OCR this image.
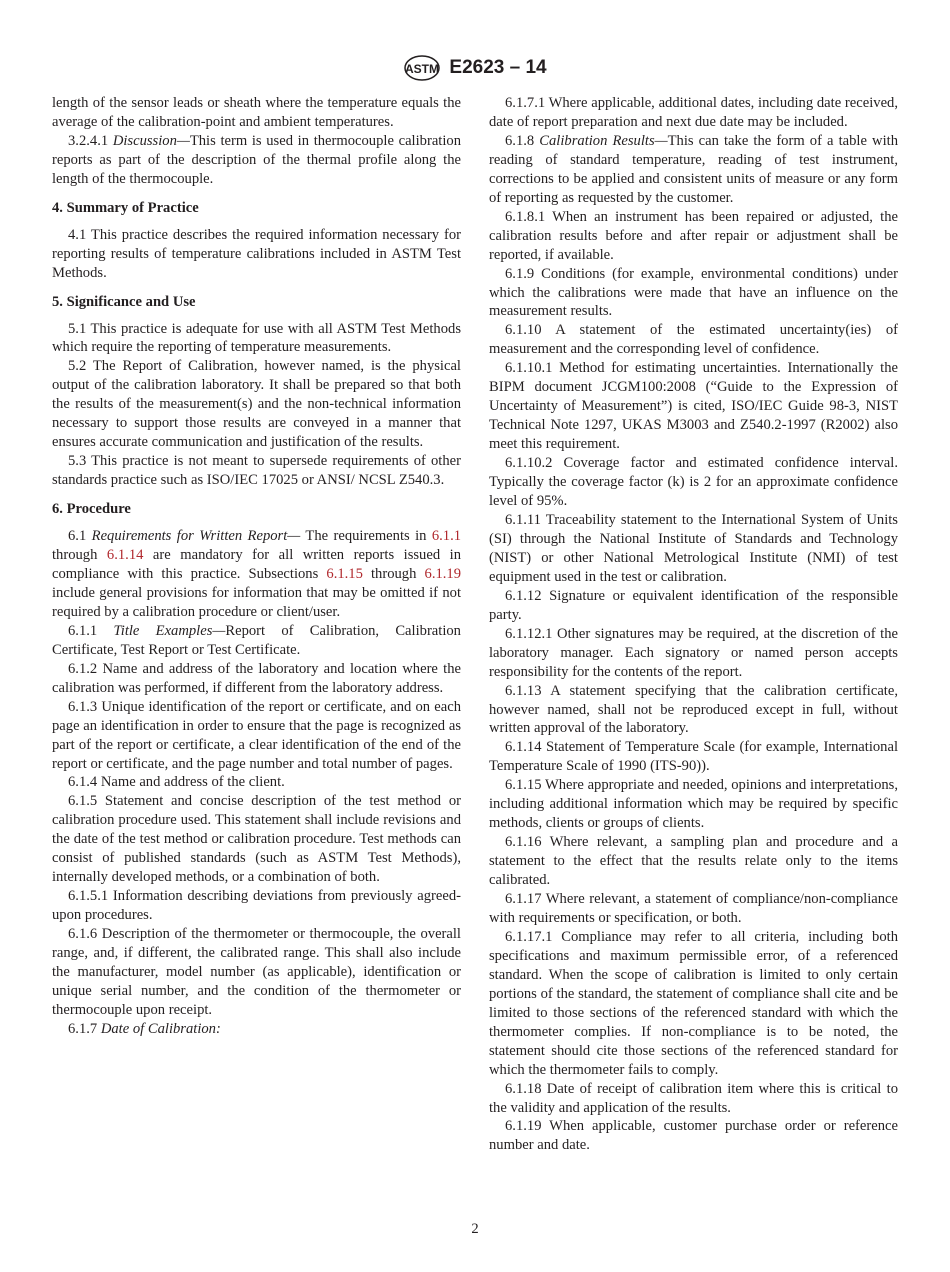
ASTM E2623 – 14

length of the sensor leads or sheath where the temperature equals the average of the calibration-point and ambient temperatures.

3.2.4.1 Discussion—This term is used in thermocouple calibration reports as part of the description of the thermal profile along the length of the thermocouple.

4. Summary of Practice

4.1 This practice describes the required information necessary for reporting results of temperature calibrations included in ASTM Test Methods.

5. Significance and Use

5.1 This practice is adequate for use with all ASTM Test Methods which require the reporting of temperature measurements.

5.2 The Report of Calibration, however named, is the physical output of the calibration laboratory. It shall be prepared so that both the results of the measurement(s) and the non-technical information necessary to support those results are conveyed in a manner that ensures accurate communication and justification of the results.

5.3 This practice is not meant to supersede requirements of other standards practice such as ISO/IEC 17025 or ANSI/ NCSL Z540.3.

6. Procedure

6.1 Requirements for Written Report— The requirements in 6.1.1 through 6.1.14 are mandatory for all written reports issued in compliance with this practice. Subsections 6.1.15 through 6.1.19 include general provisions for information that may be omitted if not required by a calibration procedure or client/user.

6.1.1 Title Examples—Report of Calibration, Calibration Certificate, Test Report or Test Certificate.

6.1.2 Name and address of the laboratory and location where the calibration was performed, if different from the laboratory address.

6.1.3 Unique identification of the report or certificate, and on each page an identification in order to ensure that the page is recognized as part of the report or certificate, a clear identification of the end of the report or certificate, and the page number and total number of pages.

6.1.4 Name and address of the client.

6.1.5 Statement and concise description of the test method or calibration procedure used. This statement shall include revisions and the date of the test method or calibration procedure. Test methods can consist of published standards (such as ASTM Test Methods), internally developed methods, or a combination of both.

6.1.5.1 Information describing deviations from previously agreed-upon procedures.

6.1.6 Description of the thermometer or thermocouple, the overall range, and, if different, the calibrated range. This shall also include the manufacturer, model number (as applicable), identification or unique serial number, and the condition of the thermometer or thermocouple upon receipt.

6.1.7 Date of Calibration:

6.1.7.1 Where applicable, additional dates, including date received, date of report preparation and next due date may be included.

6.1.8 Calibration Results—This can take the form of a table with reading of standard temperature, reading of test instrument, corrections to be applied and consistent units of measure or any form of reporting as requested by the customer.

6.1.8.1 When an instrument has been repaired or adjusted, the calibration results before and after repair or adjustment shall be reported, if available.

6.1.9 Conditions (for example, environmental conditions) under which the calibrations were made that have an influence on the measurement results.

6.1.10 A statement of the estimated uncertainty(ies) of measurement and the corresponding level of confidence.

6.1.10.1 Method for estimating uncertainties. Internationally the BIPM document JCGM100:2008 (“Guide to the Expression of Uncertainty of Measurement”) is cited, ISO/IEC Guide 98-3, NIST Technical Note 1297, UKAS M3003 and Z540.2-1997 (R2002) also meet this requirement.

6.1.10.2 Coverage factor and estimated confidence interval. Typically the coverage factor (k) is 2 for an approximate confidence level of 95%.

6.1.11 Traceability statement to the International System of Units (SI) through the National Institute of Standards and Technology (NIST) or other National Metrological Institute (NMI) of test equipment used in the test or calibration.

6.1.12 Signature or equivalent identification of the responsible party.

6.1.12.1 Other signatures may be required, at the discretion of the laboratory manager. Each signatory or named person accepts responsibility for the contents of the report.

6.1.13 A statement specifying that the calibration certificate, however named, shall not be reproduced except in full, without written approval of the laboratory.

6.1.14 Statement of Temperature Scale (for example, International Temperature Scale of 1990 (ITS-90)).

6.1.15 Where appropriate and needed, opinions and interpretations, including additional information which may be required by specific methods, clients or groups of clients.

6.1.16 Where relevant, a sampling plan and procedure and a statement to the effect that the results relate only to the items calibrated.

6.1.17 Where relevant, a statement of compliance/non-compliance with requirements or specification, or both.

6.1.17.1 Compliance may refer to all criteria, including both specifications and maximum permissible error, of a referenced standard. When the scope of calibration is limited to only certain portions of the standard, the statement of compliance shall cite and be limited to those sections of the referenced standard with which the thermometer complies. If non-compliance is to be noted, the statement should cite those sections of the referenced standard for which the thermometer fails to comply.

6.1.18 Date of receipt of calibration item where this is critical to the validity and application of the results.

6.1.19 When applicable, customer purchase order or reference number and date.

2
